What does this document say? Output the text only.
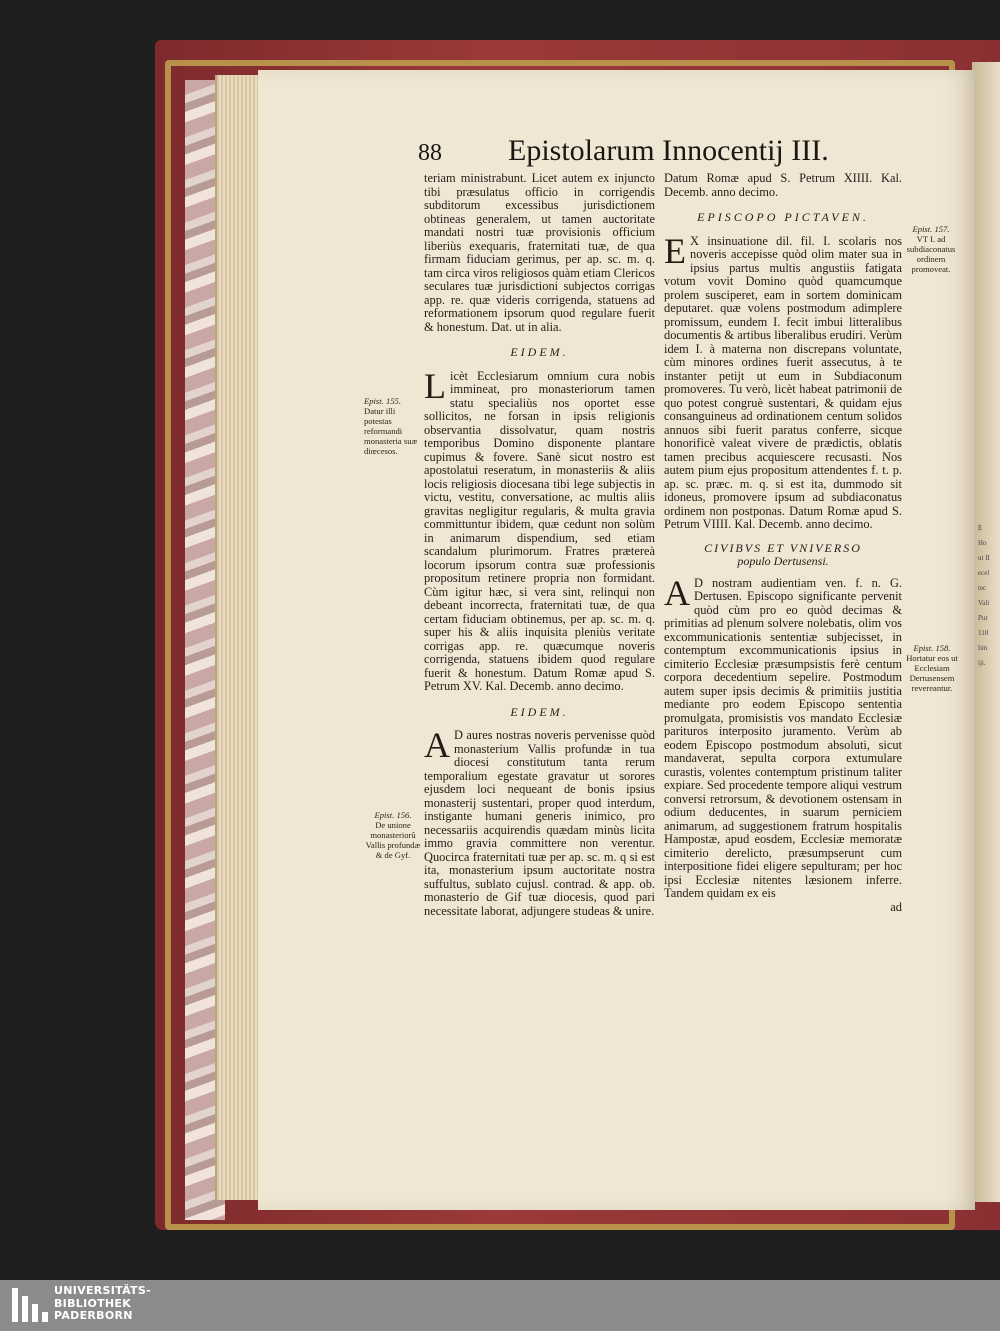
E
Ho
ut II
ecel
tec
Vali
Pur
110
lim
iji.
88 Epistolarum Innocentij III.

teriam ministrabunt. Licet autem ex injuncto tibi præsulatus officio in corrigendis subditorum excessibus jurisdictionem obtineas generalem, ut tamen auctoritate mandati nostri tuæ provisionis officium liberiùs exequaris, fraternitati tuæ, de qua firmam fiduciam gerimus, per ap. sc. m. q. tam circa viros religiosos quàm etiam Clericos seculares tuæ jurisdictioni subjectos corrigas app. re. quæ videris corrigenda, statuens ad reformationem ipsorum quod regulare fuerit & honestum. Dat. ut in alia.

EIDEM.

Licèt Ecclesiarum omnium cura nobis immineat, pro monasteriorum tamen statu specialiùs nos oportet esse sollicitos, ne forsan in ipsis religionis observantia dissolvatur, quam nostris temporibus Domino disponente plantare cupimus & fovere. Sanè sicut nostro est apostolatui reseratum, in monasteriis & aliis locis religiosis diocesana tibi lege subjectis in victu, vestitu, conversatione, ac multis aliis gravitas negligitur regularis, & multa gravia committuntur ibidem, quæ cedunt non solùm in animarum dispendium, sed etiam scandalum plurimorum. Fratres prætereà locorum ipsorum contra suæ professionis propositum retinere propria non formidant. Cùm igitur hæc, si vera sint, relinqui non debeant incorrecta, fraternitati tuæ, de qua certam fiduciam obtinemus, per ap. sc. m. q. super his & aliis inquisita pleniùs veritate corrigas app. re. quæcumque noveris corrigenda, statuens ibidem quod regulare fuerit & honestum. Datum Romæ apud S. Petrum XV. Kal. Decemb. anno decimo.

EIDEM.

A D aures nostras noveris pervenisse quòd monasterium Vallis profundæ in tua diocesi constitutum tanta rerum temporalium egestate gravatur ut sorores ejusdem loci nequeant de bonis ipsius monasterij sustentari, proper quod interdum, instigante humani generis inimico, pro necessariis acquirendis quædam minùs licita immo gravia committere non verentur. Quocirca fraternitati tuæ per ap. sc. m. q si est ita, monasterium ipsum auctoritate nostra suffultus, sublato cujusl. contrad. & app. ob. monasterio de Gif tuæ diocesis, quod pari necessitate laborat, adjungere studeas & unire.

Datum Romæ apud S. Petrum XIIII. Kal. Decemb. anno decimo.

EPISCOPO PICTAVEN.

E X insinuatione dil. fil. I. scolaris nos noveris accepisse quòd olim mater sua in ipsius partus multis angustiis fatigata votum vovit Domino quòd quamcumque prolem susciperet, eam in sortem dominicam deputaret. quæ volens postmodum adimplere promissum, eundem I. fecit imbui litteralibus documentis & artibus liberalibus erudiri. Verùm idem I. à materna non discrepans voluntate, cùm minores ordines fuerit assecutus, à te instanter petijt ut eum in Subdiaconum promoveres. Tu verò, licèt habeat patrimonii de quo potest congruè sustentari, & quidam ejus consanguineus ad ordinationem centum solidos annuos sibi fuerit paratus conferre, sicque honorificè valeat vivere de prædictis, oblatis tamen precibus acquiescere recusasti. Nos autem pium ejus propositum attendentes f. t. p. ap. sc. præc. m. q. si est ita, dummodo sit idoneus, promovere ipsum ad subdiaconatus ordinem non postponas. Datum Romæ apud S. Petrum VIIII. Kal. Decemb. anno decimo.

CIVIBVS ET VNIVERSO
populo Dertusensi.

A D nostram audientiam ven. f. n. G. Dertusen. Episcopo significante pervenit quòd cùm pro eo quòd decimas & primitias ad plenum solvere nolebatis, olim vos excommunicationis sententiæ subjecisset, in contemptum excommunicationis ipsius in cimiterio Ecclesiæ præsumpsistis ferè centum corpora decedentium sepelire. Postmodum autem super ipsis decimis & primitiis justitia mediante pro eodem Episcopo sententia promulgata, promisistis vos mandato Ecclesiæ parituros interposito juramento. Verùm ab eodem Episcopo postmodum absoluti, sicut mandaverat, sepulta corpora extumulare curastis, volentes contemptum pristinum taliter expiare. Sed procedente tempore aliqui vestrum conversi retrorsum, & devotionem ostensam in odium deducentes, in suarum perniciem animarum, ad suggestionem fratrum hospitalis Hampostæ, apud eosdem, Ecclesiæ memoratæ cimiterio derelicto, præsumpserunt cum interpositione fidei eligere sepulturam; per hoc ipsi Ecclesiæ nitentes læsionem inferre. Tandem quidam ex eis

ad

Epist. 155.
Datur illi potestas reformandi monasteria suæ diœcesos.
Epist. 156.
De unione monasteriorũ Vallis profundæ & de Gyf.
Epist. 157.
VT I. ad subdiaconatus ordinem promoveat.
Epist. 158.
Hortatur eos ut Ecclesiam Dertusensem revereantur.
UNIVERSITÄTS-
BIBLIOTHEK
PADERBORN
